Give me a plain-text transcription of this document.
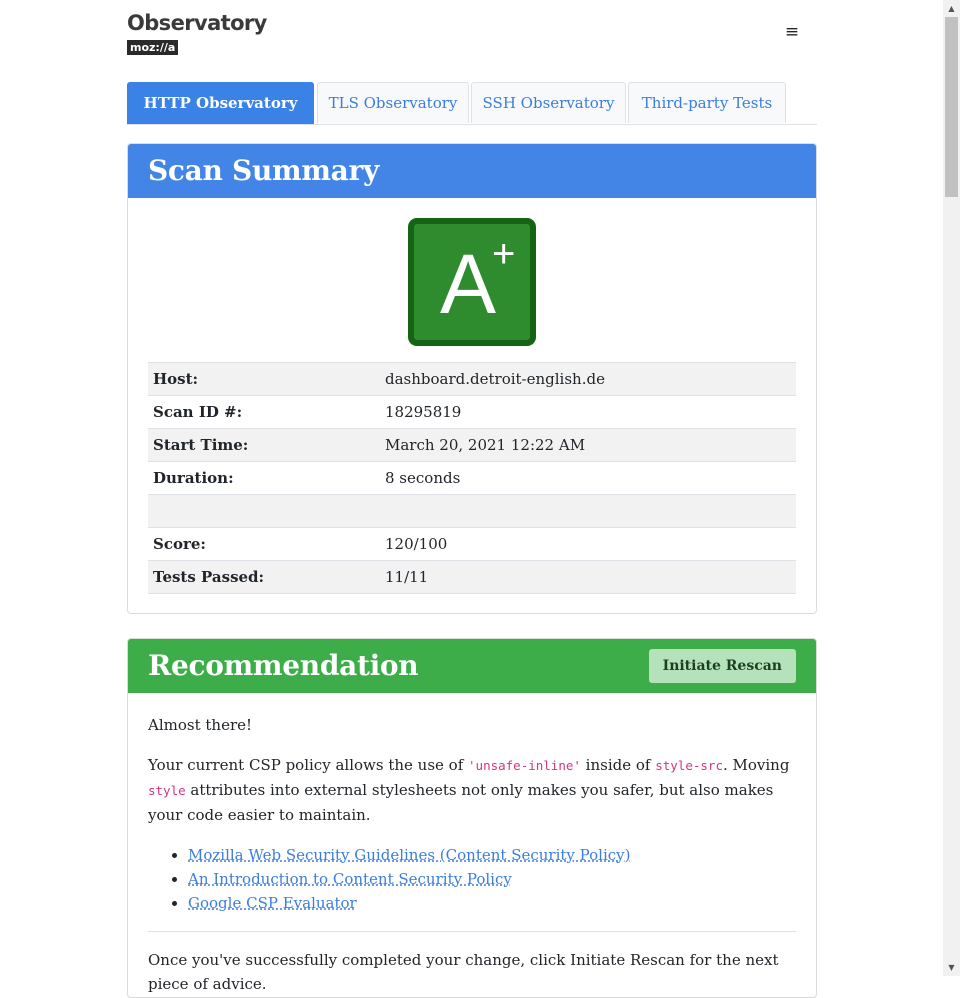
Observatory
moz://a
≡
HTTP Observatory	TLS Observatory	SSH Observatory	Third-party Tests
Scan Summary
A
+
Host:	dashboard.detroit-english.de
Scan ID #:	18295819
Start Time:	March 20, 2021 12:22 AM
Duration:	8 seconds
Score:	120/100
Tests Passed:	11/11
Recommendation	Initiate Rescan

Almost there!

Your current CSP policy allows the use of 'unsafe-inline' inside of style-src. Moving style attributes into external stylesheets not only makes you safer, but also makes your code easier to maintain.

• Mozilla Web Security Guidelines (Content Security Policy)
• An Introduction to Content Security Policy
• Google CSP Evaluator

Once you've successfully completed your change, click Initiate Rescan for the next piece of advice.

▲
▼
